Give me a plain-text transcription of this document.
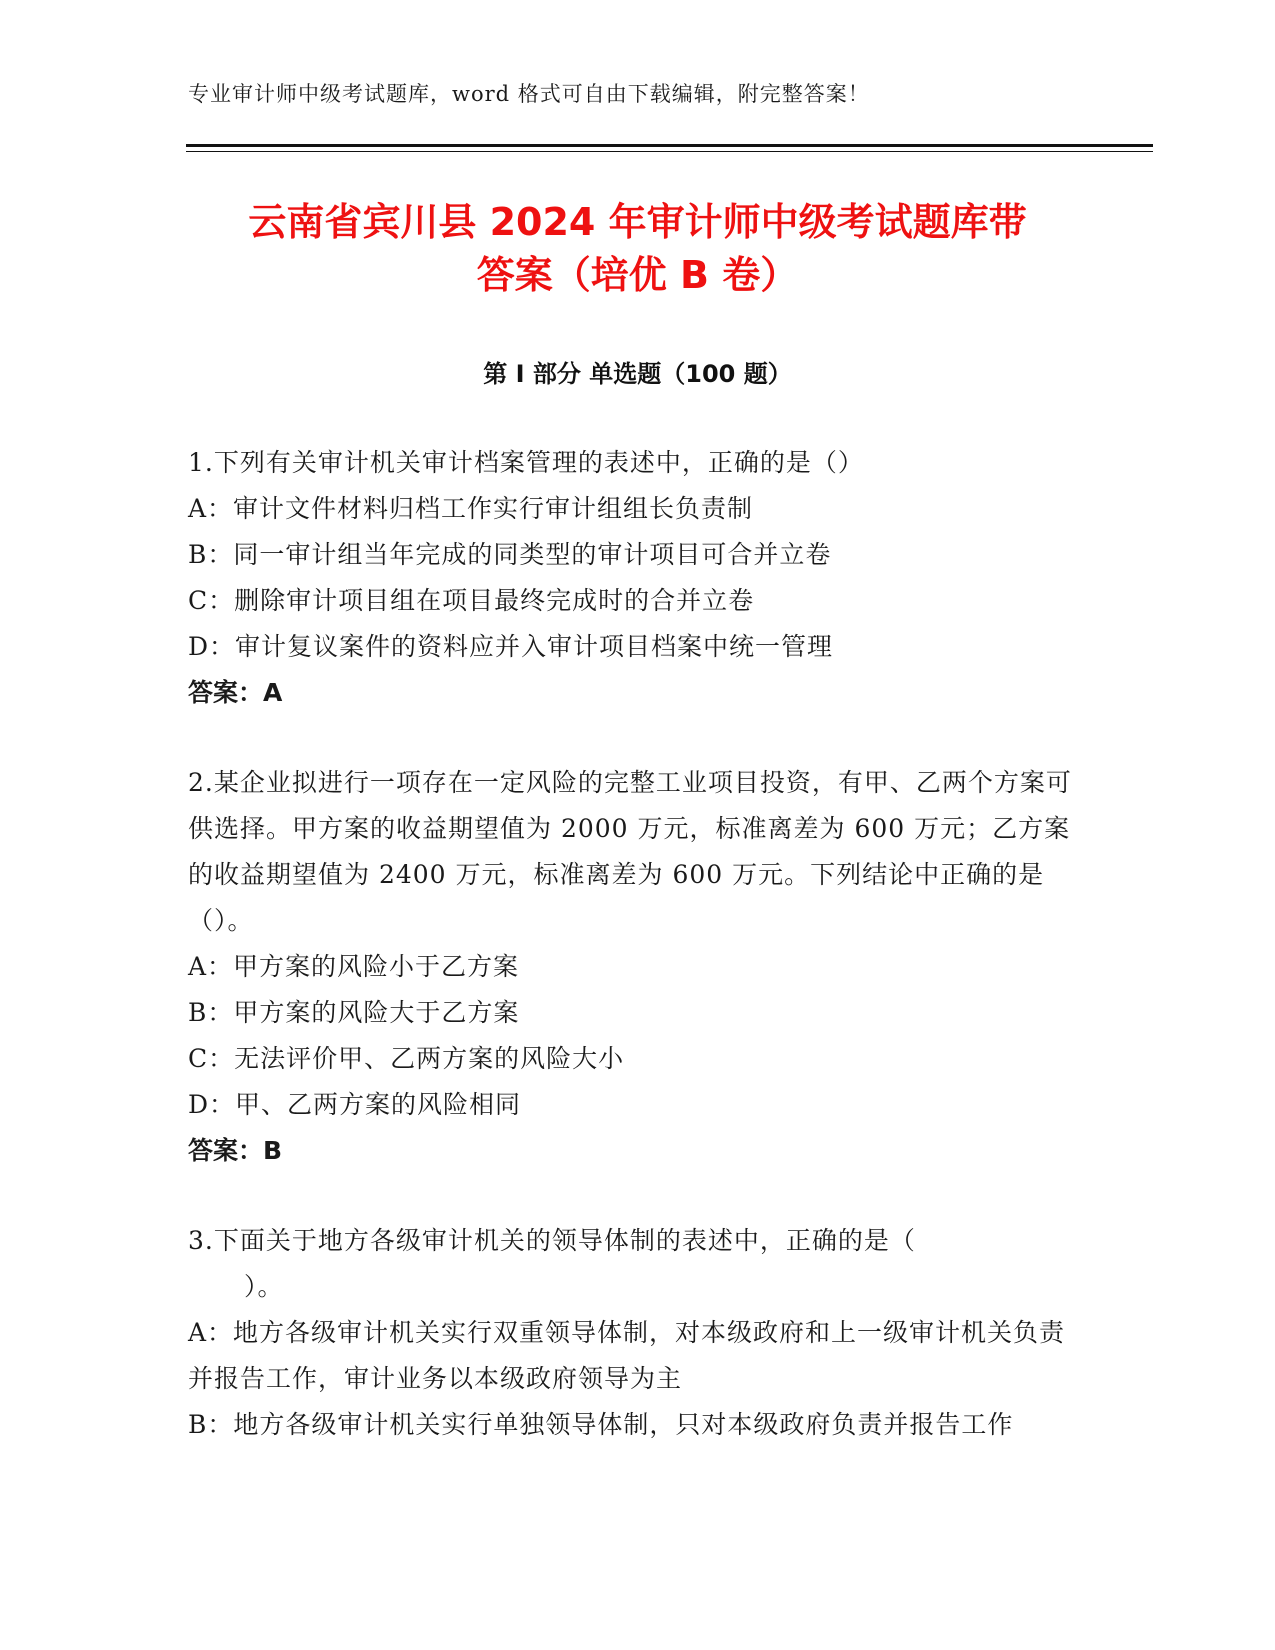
专业审计师中级考试题库，word 格式可自由下载编辑，附完整答案！
云南省宾川县 2024 年审计师中级考试题库带
答案（培优 B 卷）
第 I 部分 单选题（100 题）

1.下列有关审计机关审计档案管理的表述中，正确的是（）

A：审计文件材料归档工作实行审计组组长负责制

B：同一审计组当年完成的同类型的审计项目可合并立卷

C：删除审计项目组在项目最终完成时的合并立卷

D：审计复议案件的资料应并入审计项目档案中统一管理

答案：A

2.某企业拟进行一项存在一定风险的完整工业项目投资，有甲、乙两个方案可供选择。甲方案的收益期望值为 2000 万元，标准离差为 600 万元；乙方案的收益期望值为 2400 万元，标准离差为 600 万元。下列结论中正确的是（）。

A：甲方案的风险小于乙方案

B：甲方案的风险大于乙方案

C：无法评价甲、乙两方案的风险大小

D：甲、乙两方案的风险相同

答案：B

3.下面关于地方各级审计机关的领导体制的表述中，正确的是（

）。

A：地方各级审计机关实行双重领导体制，对本级政府和上一级审计机关负责并报告工作，审计业务以本级政府领导为主

B：地方各级审计机关实行单独领导体制，只对本级政府负责并报告工作
